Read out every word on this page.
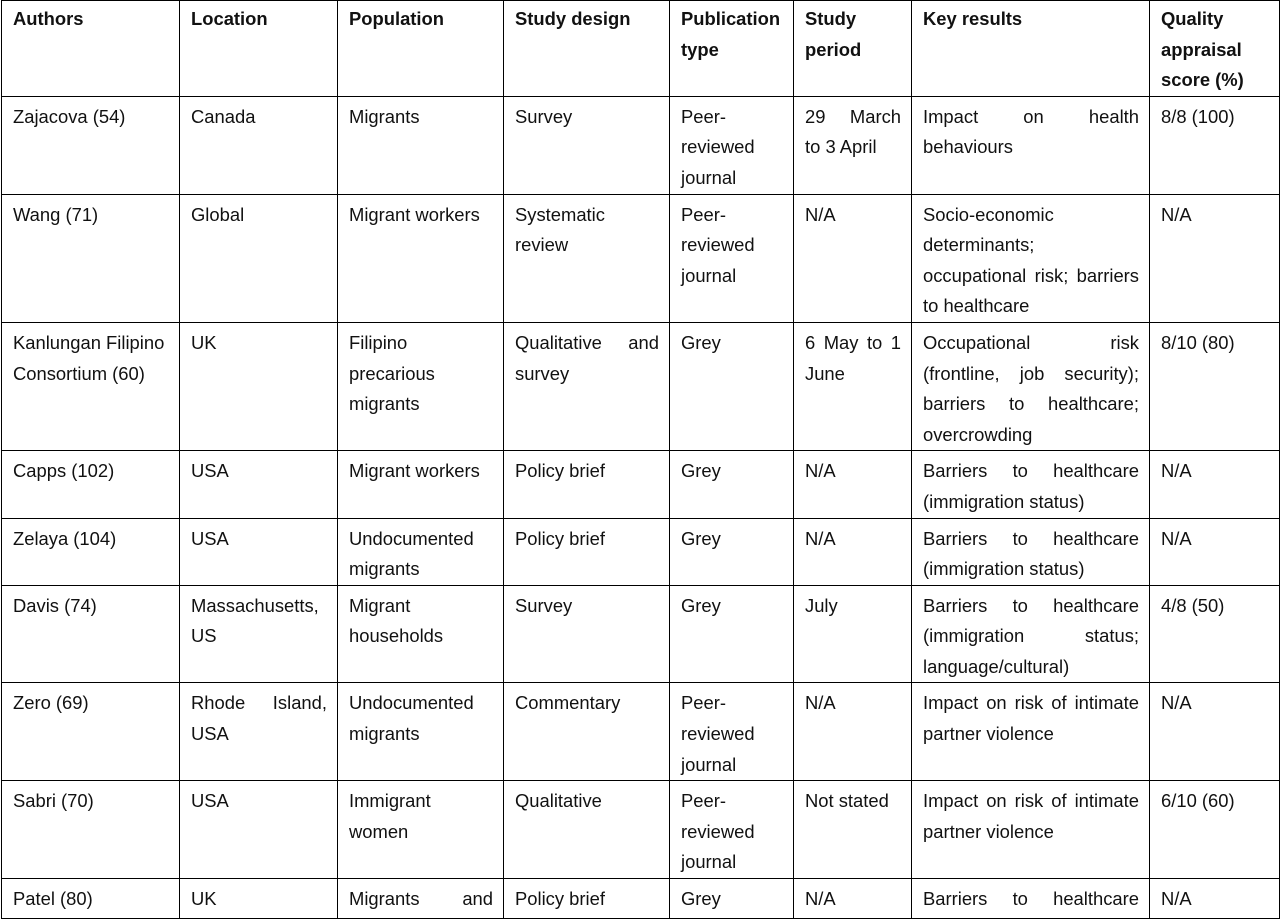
Authors	Location	Population	Study design	Publication type	Study period	Key results	Quality appraisal score (%)
Zajacova (54)	Canada	Migrants	Survey	Peer-reviewed journal	29 March to 3 April	Impact on health behaviours	8/8 (100)
Wang (71)	Global	Migrant workers	Systematic review	Peer-reviewed journal	N/A	Socio-economic determinants; occupational risk; barriers to healthcare	N/A
Kanlungan Filipino Consortium (60)	UK	Filipino precarious migrants	Qualitative and survey	Grey	6 May to 1 June	Occupational risk (frontline, job security); barriers to healthcare; overcrowding	8/10 (80)
Capps (102)	USA	Migrant workers	Policy brief	Grey	N/A	Barriers to healthcare (immigration status)	N/A
Zelaya (104)	USA	Undocumented migrants	Policy brief	Grey	N/A	Barriers to healthcare (immigration status)	N/A
Davis (74)	Massachusetts, US	Migrant households	Survey	Grey	July	Barriers to healthcare (immigration status; language/cultural)	4/8 (50)
Zero (69)	Rhode Island, USA	Undocumented migrants	Commentary	Peer-reviewed journal	N/A	Impact on risk of intimate partner violence	N/A
Sabri (70)	USA	Immigrant women	Qualitative	Peer-reviewed journal	Not stated	Impact on risk of intimate partner violence	6/10 (60)
Patel (80)	UK	Migrants and	Policy brief	Grey	N/A	Barriers to healthcare	N/A
